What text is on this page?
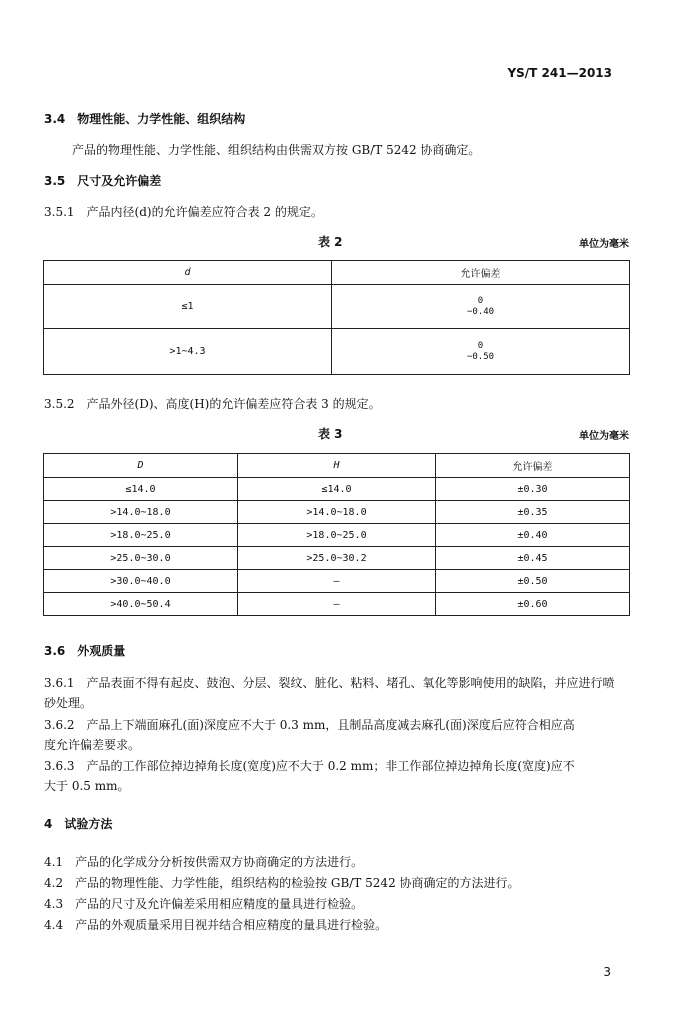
YS/T 241—2013
3.4　物理性能、力学性能、组织结构
产品的物理性能、力学性能、组织结构由供需双方按 GB/T 5242 协商确定。
3.5　尺寸及允许偏差
3.5.1　产品内径(d)的允许偏差应符合表 2 的规定。
表 2	单位为毫米
d	允许偏差
≤1	0
−0.40

>1~4.3	0
−0.50
3.5.2　产品外径(D)、高度(H)的允许偏差应符合表 3 的规定。
表 3	单位为毫米
D	H	允许偏差
≤14.0	≤14.0	±0.30
>14.0~18.0	>14.0~18.0	±0.35
>18.0~25.0	>18.0~25.0	±0.40
>25.0~30.0	>25.0~30.2	±0.45
>30.0~40.0	—	±0.50
>40.0~50.4	—	±0.60
3.6　外观质量
3.6.1　产品表面不得有起皮、鼓泡、分层、裂纹、脏化、粘料、堵孔、氧化等影响使用的缺陷，并应进行喷
砂处理。
3.6.2　产品上下端面麻孔(面)深度应不大于 0.3 mm，且制品高度减去麻孔(面)深度后应符合相应高
度允许偏差要求。
3.6.3　产品的工作部位掉边掉角长度(宽度)应不大于 0.2 mm；非工作部位掉边掉角长度(宽度)应不
大于 0.5 mm。
4　试验方法
4.1　产品的化学成分分析按供需双方协商确定的方法进行。
4.2　产品的物理性能、力学性能，组织结构的检验按 GB/T 5242 协商确定的方法进行。
4.3　产品的尺寸及允许偏差采用相应精度的量具进行检验。
4.4　产品的外观质量采用目视并结合相应精度的量具进行检验。
3
